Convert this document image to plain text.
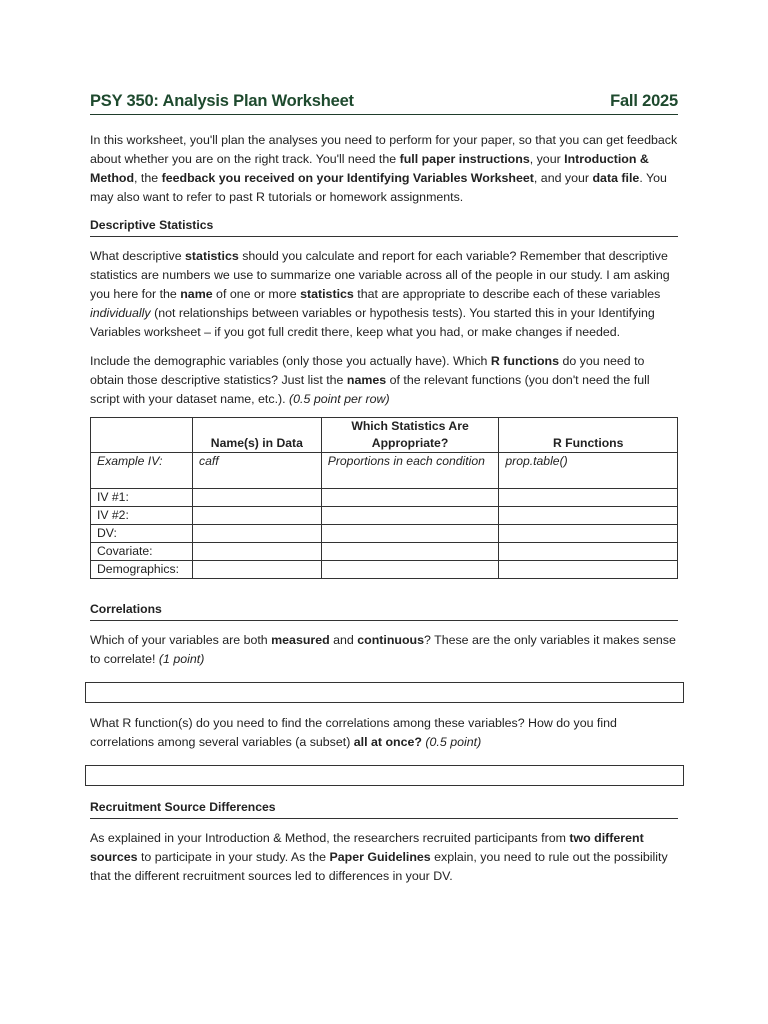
PSY 350: Analysis Plan Worksheet	Fall 2025

In this worksheet, you'll plan the analyses you need to perform for your paper, so that you can get feedback about whether you are on the right track. You'll need the full paper instructions, your Introduction & Method, the feedback you received on your Identifying Variables Worksheet, and your data file. You may also want to refer to past R tutorials or homework assignments.

Descriptive Statistics

What descriptive statistics should you calculate and report for each variable? Remember that descriptive statistics are numbers we use to summarize one variable across all of the people in our study. I am asking you here for the name of one or more statistics that are appropriate to describe each of these variables individually (not relationships between variables or hypothesis tests). You started this in your Identifying Variables worksheet – if you got full credit there, keep what you had, or make changes if needed.

Include the demographic variables (only those you actually have). Which R functions do you need to obtain those descriptive statistics? Just list the names of the relevant functions (you don't need the full script with your dataset name, etc.). (0.5 point per row)

	Name(s) in Data	Which Statistics Are Appropriate?	R Functions
Example IV:	caff	Proportions in each condition	prop.table()
IV #1:			
IV #2:			
DV:			
Covariate:			
Demographics:			
Correlations

Which of your variables are both measured and continuous? These are the only variables it makes sense to correlate! (1 point)

What R function(s) do you need to find the correlations among these variables? How do you find correlations among several variables (a subset) all at once? (0.5 point)

Recruitment Source Differences

As explained in your Introduction & Method, the researchers recruited participants from two different sources to participate in your study. As the Paper Guidelines explain, you need to rule out the possibility that the different recruitment sources led to differences in your DV.
